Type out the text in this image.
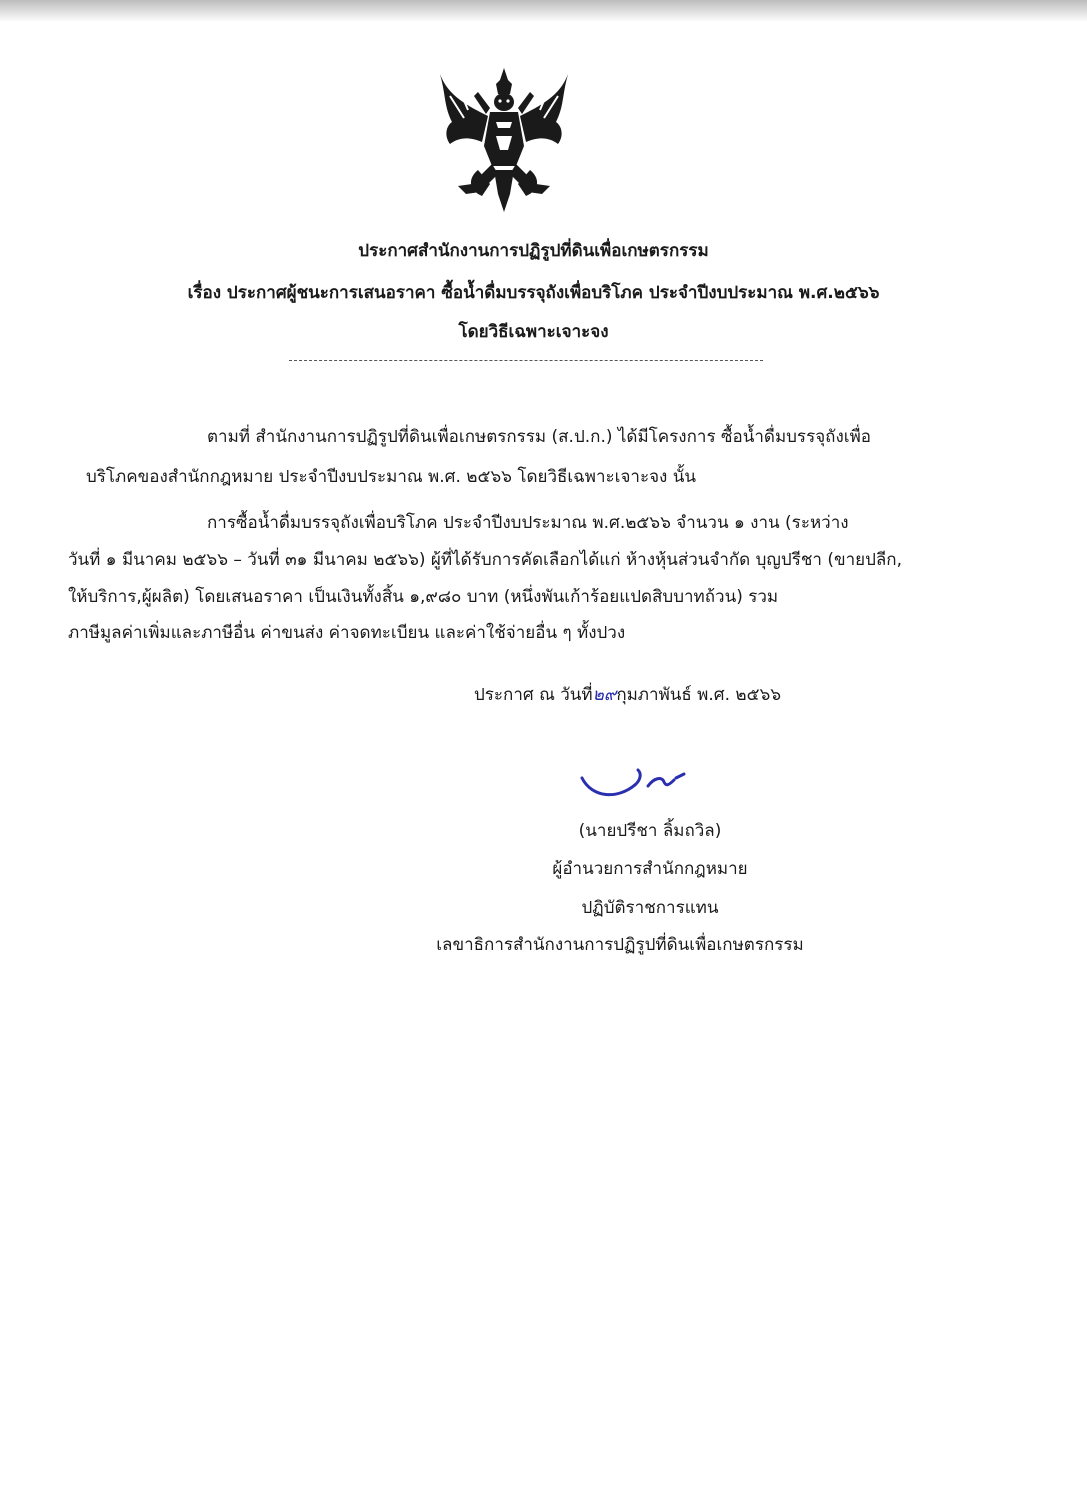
ประกาศสำนักงานการปฏิรูปที่ดินเพื่อเกษตรกรรม
เรื่อง ประกาศผู้ชนะการเสนอราคา ซื้อน้ำดื่มบรรจุถังเพื่อบริโภค ประจำปีงบประมาณ พ.ศ.๒๕๖๖
โดยวิธีเฉพาะเจาะจง
ตามที่ สำนักงานการปฏิรูปที่ดินเพื่อเกษตรกรรม (ส.ป.ก.) ได้มีโครงการ ซื้อน้ำดื่มบรรจุถังเพื่อ
บริโภคของสำนักกฎหมาย ประจำปีงบประมาณ พ.ศ. ๒๕๖๖ โดยวิธีเฉพาะเจาะจง นั้น
การซื้อน้ำดื่มบรรจุถังเพื่อบริโภค ประจำปีงบประมาณ พ.ศ.๒๕๖๖ จำนวน ๑ งาน (ระหว่าง
วันที่ ๑ มีนาคม ๒๕๖๖ – วันที่ ๓๑ มีนาคม ๒๕๖๖) ผู้ที่ได้รับการคัดเลือกได้แก่ ห้างหุ้นส่วนจำกัด บุญปรีชา (ขายปลีก,
ให้บริการ,ผู้ผลิต) โดยเสนอราคา เป็นเงินทั้งสิ้น ๑,๙๘๐ บาท (หนึ่งพันเก้าร้อยแปดสิบบาทถ้วน) รวม
ภาษีมูลค่าเพิ่มและภาษีอื่น ค่าขนส่ง ค่าจดทะเบียน และค่าใช้จ่ายอื่น ๆ ทั้งปวง
ประกาศ ณ วันที่๒๙กุมภาพันธ์ พ.ศ. ๒๕๖๖
(นายปรีชา ลิ้มถวิล)
ผู้อำนวยการสำนักกฎหมาย
ปฏิบัติราชการแทน
เลขาธิการสำนักงานการปฏิรูปที่ดินเพื่อเกษตรกรรม
